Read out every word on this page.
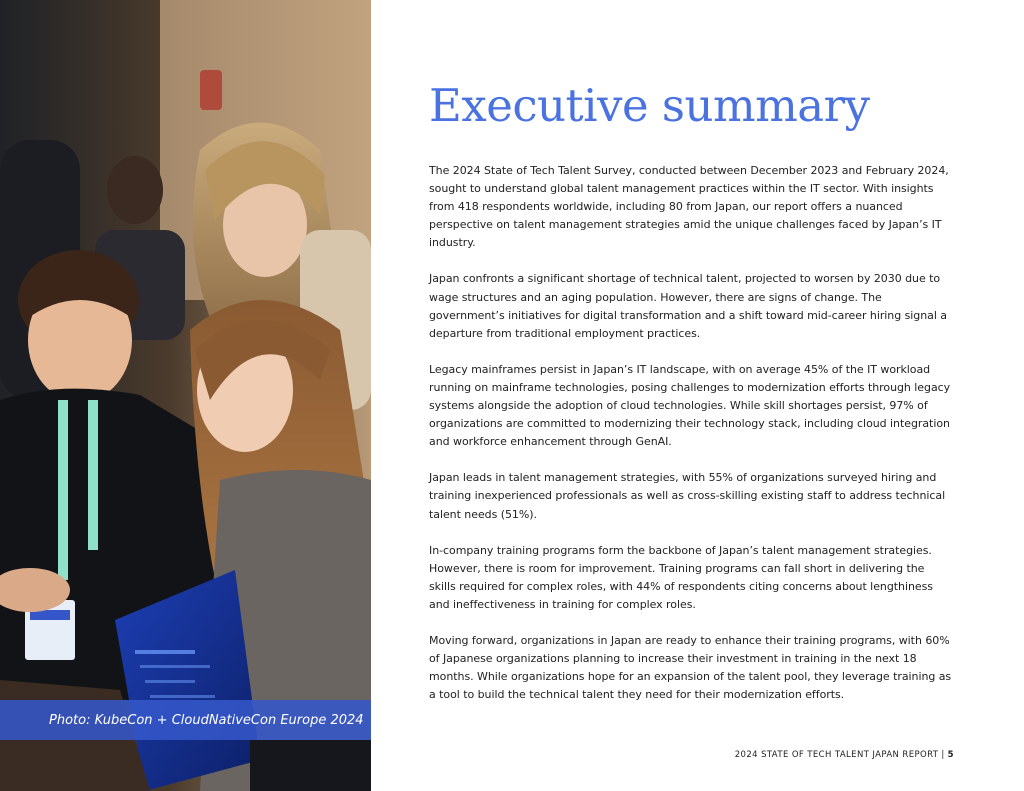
Photo: KubeCon + CloudNativeCon Europe 2024
Executive summary

The 2024 State of Tech Talent Survey, conducted between December 2023 and February 2024, sought to understand global talent management practices within the IT sector. With insights from 418 respondents worldwide, including 80 from Japan, our report offers a nuanced perspective on talent management strategies amid the unique challenges faced by Japan’s IT industry.

Japan confronts a significant shortage of technical talent, projected to worsen by 2030 due to wage structures and an aging population. However, there are signs of change. The government’s initiatives for digital transformation and a shift toward mid-career hiring signal a departure from traditional employment practices.

Legacy mainframes persist in Japan’s IT landscape, with on average 45% of the IT workload running on mainframe technologies, posing challenges to modernization efforts through legacy systems alongside the adoption of cloud technologies. While skill shortages persist, 97% of organizations are committed to modernizing their technology stack, including cloud integration and workforce enhancement through GenAI.

Japan leads in talent management strategies, with 55% of organizations surveyed hiring and training inexperienced professionals as well as cross-skilling existing staff to address technical talent needs (51%).

In-company training programs form the backbone of Japan’s talent management strategies. However, there is room for improvement. Training programs can fall short in delivering the skills required for complex roles, with 44% of respondents citing concerns about lengthiness and ineffectiveness in training for complex roles.

Moving forward, organizations in Japan are ready to enhance their training programs, with 60% of Japanese organizations planning to increase their investment in training in the next 18 months. While organizations hope for an expansion of the talent pool, they leverage training as a tool to build the technical talent they need for their modernization efforts.

2024 STATE OF TECH TALENT JAPAN REPORT | 5
